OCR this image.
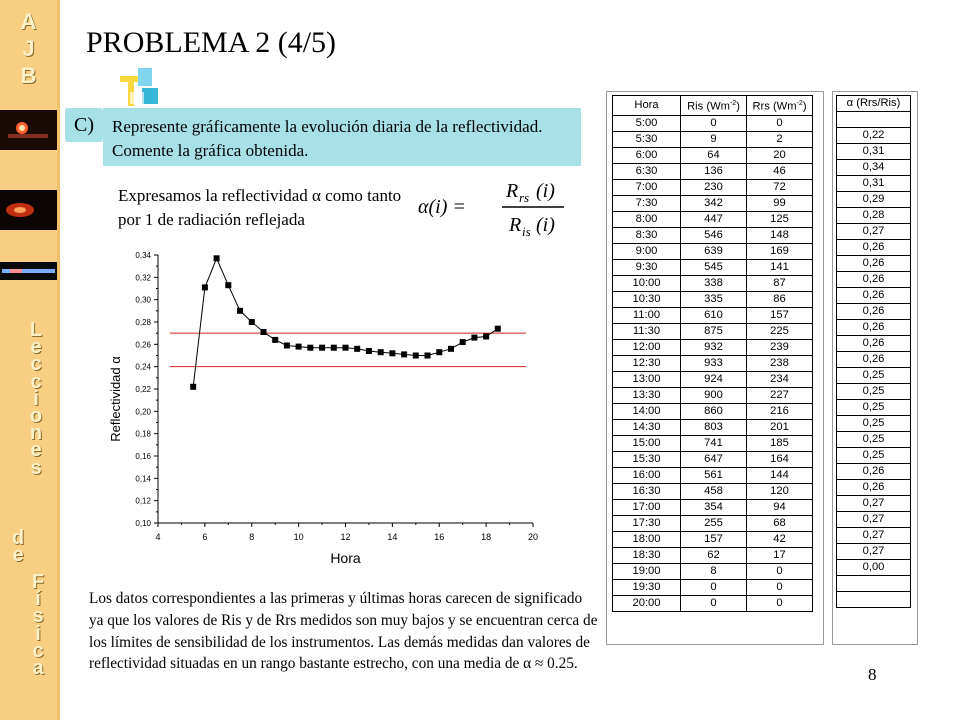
A
J
B
L
e
c
c
i
o
n
e
s
d
e
F
í
s
i
c
a
PROBLEMA 2 (4/5)
C)	Represente gráficamente la evolución diaria de la reflectividad. Comente la gráfica obtenida.
Expresamos la reflectividad α como tanto por 1 de radiación reflejada
α(i) =
R rs (i)
R is (i)
4	6	8	10	12	14	16	18	20
0,10
0,12
0,14
0,16
0,18
0,20
0,22
0,24
0,26
0,28
0,30
0,32
0,34
Hora
Reflectividad α
Los datos correspondientes a las primeras y últimas horas carecen de significado ya que los valores de Ris y de Rrs medidos son muy bajos y se encuentran cerca de los límites de sensibilidad de los instrumentos. Las demás medidas dan valores de reflectividad situadas en un rango bastante estrecho, con una media de α ≈ 0.25.
8
Hora	Ris $(Wm^{-2})$	Rrs $(Wm^{-2})$
5:00	0	0
5:30	9	2
6:00	64	20
6:30	136	46
7:00	230	72
7:30	342	99
8:00	447	125
8:30	546	148
9:00	639	169
9:30	545	141
10:00	338	87
10:30	335	86
11:00	610	157
11:30	875	225
12:00	932	239
12:30	933	238
13:00	924	234
13:30	900	227
14:00	860	216
14:30	803	201
15:00	741	185
15:30	647	164
16:00	561	144
16:30	458	120
17:00	354	94
17:30	255	68
18:00	157	42
18:30	62	17
19:00	8	0
19:30	0	0
20:00	0	0
α (Rrs/Ris)

0,22
0,31
0,34
0,31
0,29
0,28
0,27
0,26
0,26
0,26
0,26
0,26
0,26
0,26
0,26
0,25
0,25
0,25
0,25
0,25
0,25
0,26
0,26
0,27
0,27
0,27
0,27
0,00
